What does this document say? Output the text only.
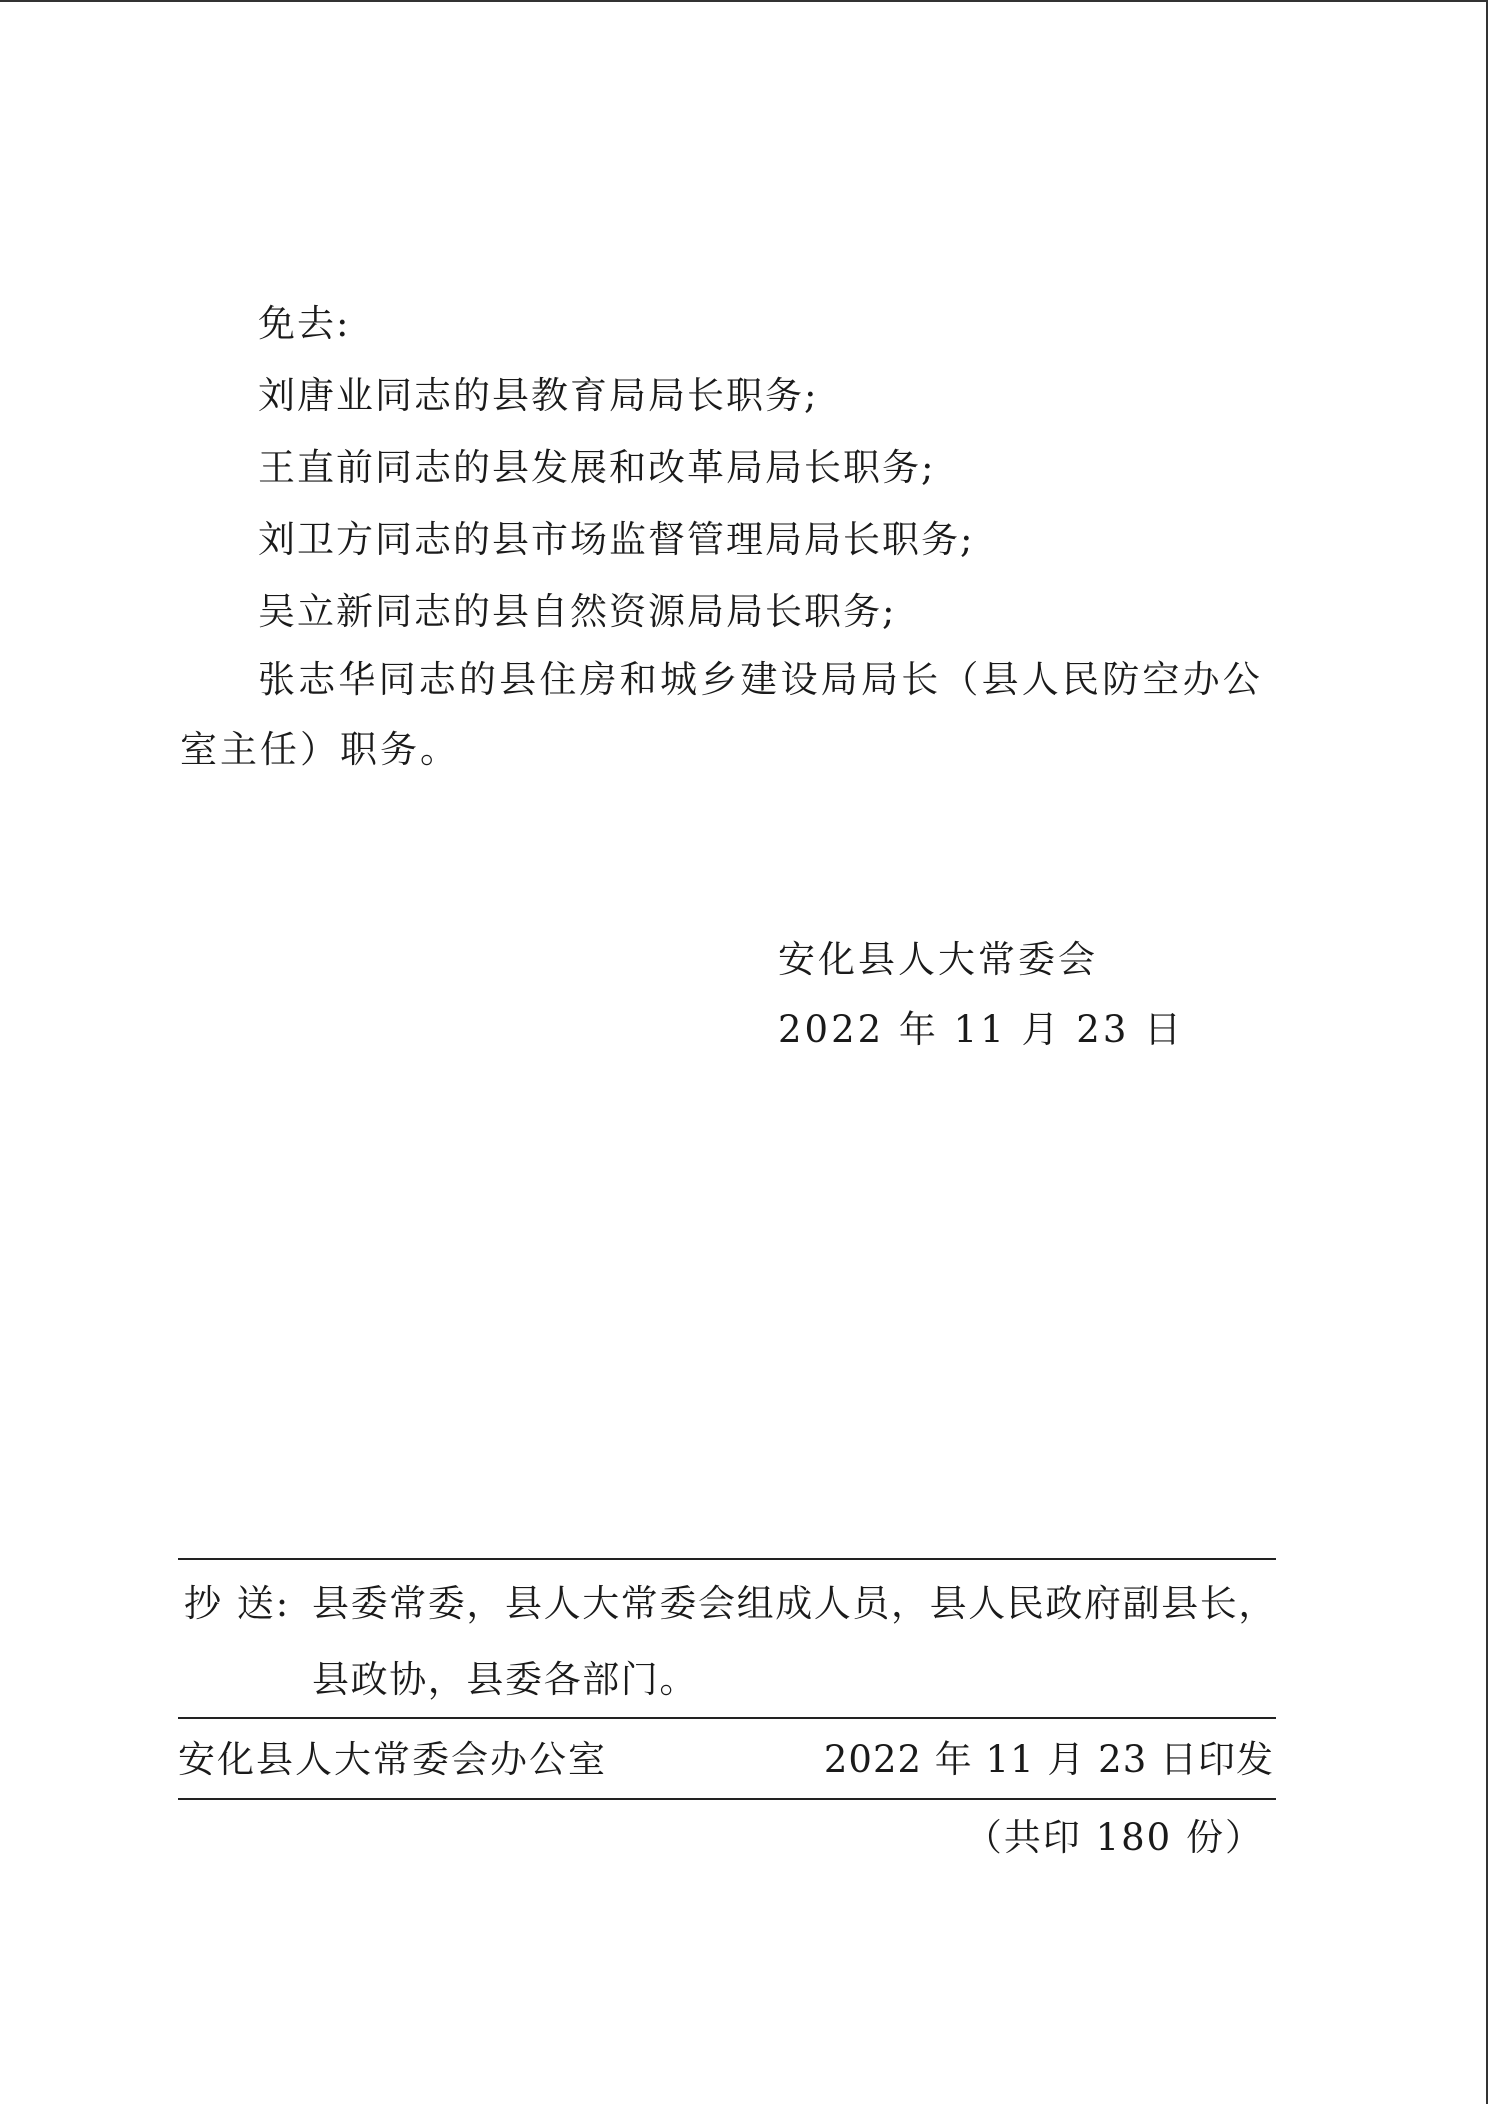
免去:
刘唐业同志的县教育局局长职务;
王直前同志的县发展和改革局局长职务;
刘卫方同志的县市场监督管理局局长职务;
吴立新同志的县自然资源局局长职务;
张志华同志的县住房和城乡建设局局长（县人民防空办公
室主任）职务。
安化县人大常委会
2022 年 11 月 23 日
抄 送: 县委常委，县人大常委会组成人员，县人民政府副县长，
县政协，县委各部门。
安化县人大常委会办公室	2022 年 11 月 23 日印发
（共印 180 份）
